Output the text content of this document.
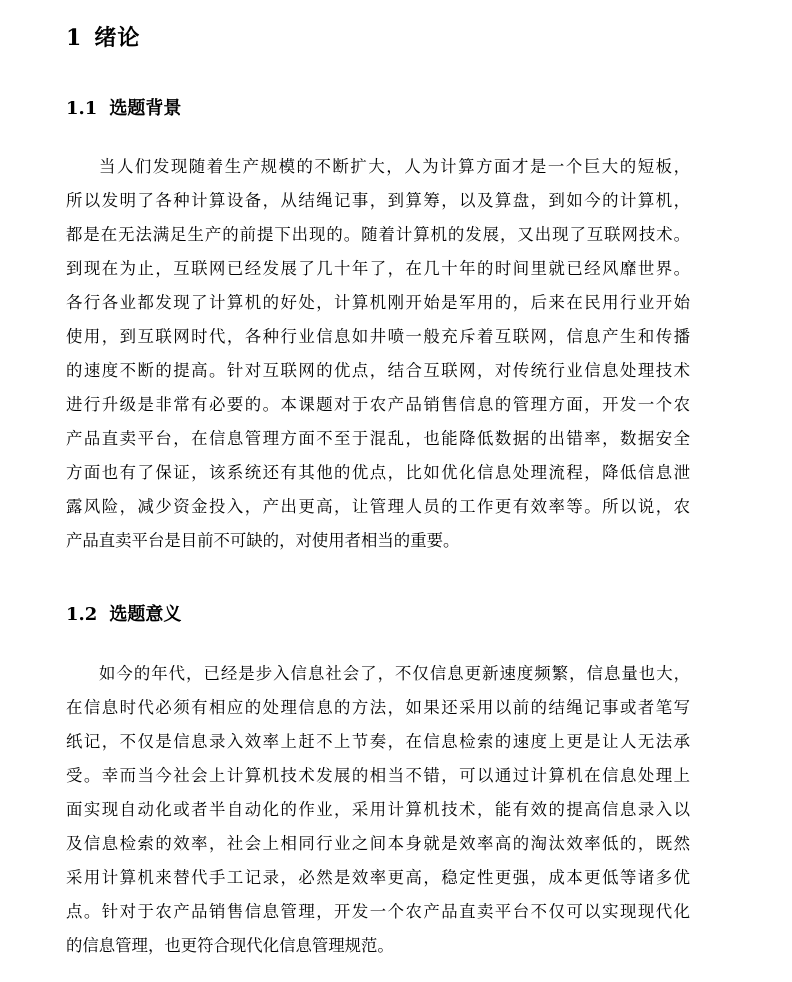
1 绪论
1.1 选题背景
当人们发现随着生产规模的不断扩大，人为计算方面才是一个巨大的短板，
所以发明了各种计算设备，从结绳记事，到算筹，以及算盘，到如今的计算机，
都是在无法满足生产的前提下出现的。随着计算机的发展，又出现了互联网技术。
到现在为止，互联网已经发展了几十年了，在几十年的时间里就已经风靡世界。
各行各业都发现了计算机的好处，计算机刚开始是军用的，后来在民用行业开始
使用，到互联网时代，各种行业信息如井喷一般充斥着互联网，信息产生和传播
的速度不断的提高。针对互联网的优点，结合互联网，对传统行业信息处理技术
进行升级是非常有必要的。本课题对于农产品销售信息的管理方面，开发一个农
产品直卖平台，在信息管理方面不至于混乱，也能降低数据的出错率，数据安全
方面也有了保证，该系统还有其他的优点，比如优化信息处理流程，降低信息泄
露风险，减少资金投入，产出更高，让管理人员的工作更有效率等。所以说，农
产品直卖平台是目前不可缺的，对使用者相当的重要。
1.2 选题意义
如今的年代，已经是步入信息社会了，不仅信息更新速度频繁，信息量也大，
在信息时代必须有相应的处理信息的方法，如果还采用以前的结绳记事或者笔写
纸记，不仅是信息录入效率上赶不上节奏，在信息检索的速度上更是让人无法承
受。幸而当今社会上计算机技术发展的相当不错，可以通过计算机在信息处理上
面实现自动化或者半自动化的作业，采用计算机技术，能有效的提高信息录入以
及信息检索的效率，社会上相同行业之间本身就是效率高的淘汰效率低的，既然
采用计算机来替代手工记录，必然是效率更高，稳定性更强，成本更低等诸多优
点。针对于农产品销售信息管理，开发一个农产品直卖平台不仅可以实现现代化
的信息管理，也更符合现代化信息管理规范。
